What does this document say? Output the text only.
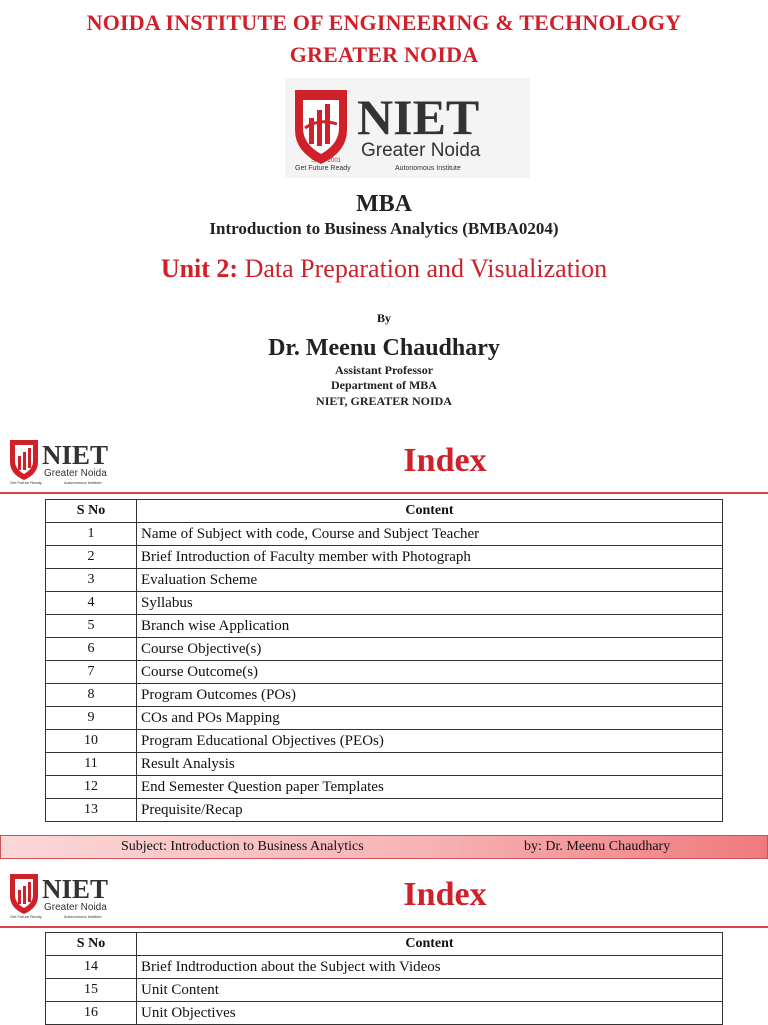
NOIDA INSTITUTE OF ENGINEERING & TECHNOLOGY
GREATER NOIDA
NIET
Greater Noida
Since 2001
Get Future Ready	Autonomous Institute
MBA
Introduction to Business Analytics (BMBA0204)
Unit 2: Data Preparation and Visualization
By
Dr. Meenu Chaudhary
Assistant Professor
Department of MBA
NIET, GREATER NOIDA
NIET
Greater Noida
Get Future Ready	Autonomous Institute
Index
S No	Content
1	Name of Subject with code, Course and Subject Teacher
2	Brief Introduction of Faculty member with Photograph
3	Evaluation Scheme
4	Syllabus
5	Branch wise Application
6	Course Objective(s)
7	Course Outcome(s)
8	Program Outcomes (POs)
9	COs and POs Mapping
10	Program Educational Objectives (PEOs)
11	Result Analysis
12	End Semester Question paper Templates
13	Prequisite/Recap
Subject: Introduction to Business Analytics	by: Dr. Meenu Chaudhary
NIET
Greater Noida
Get Future Ready	Autonomous Institute
Index
S No	Content
14	Brief Indtroduction about the Subject with Videos
15	Unit Content
16	Unit Objectives
